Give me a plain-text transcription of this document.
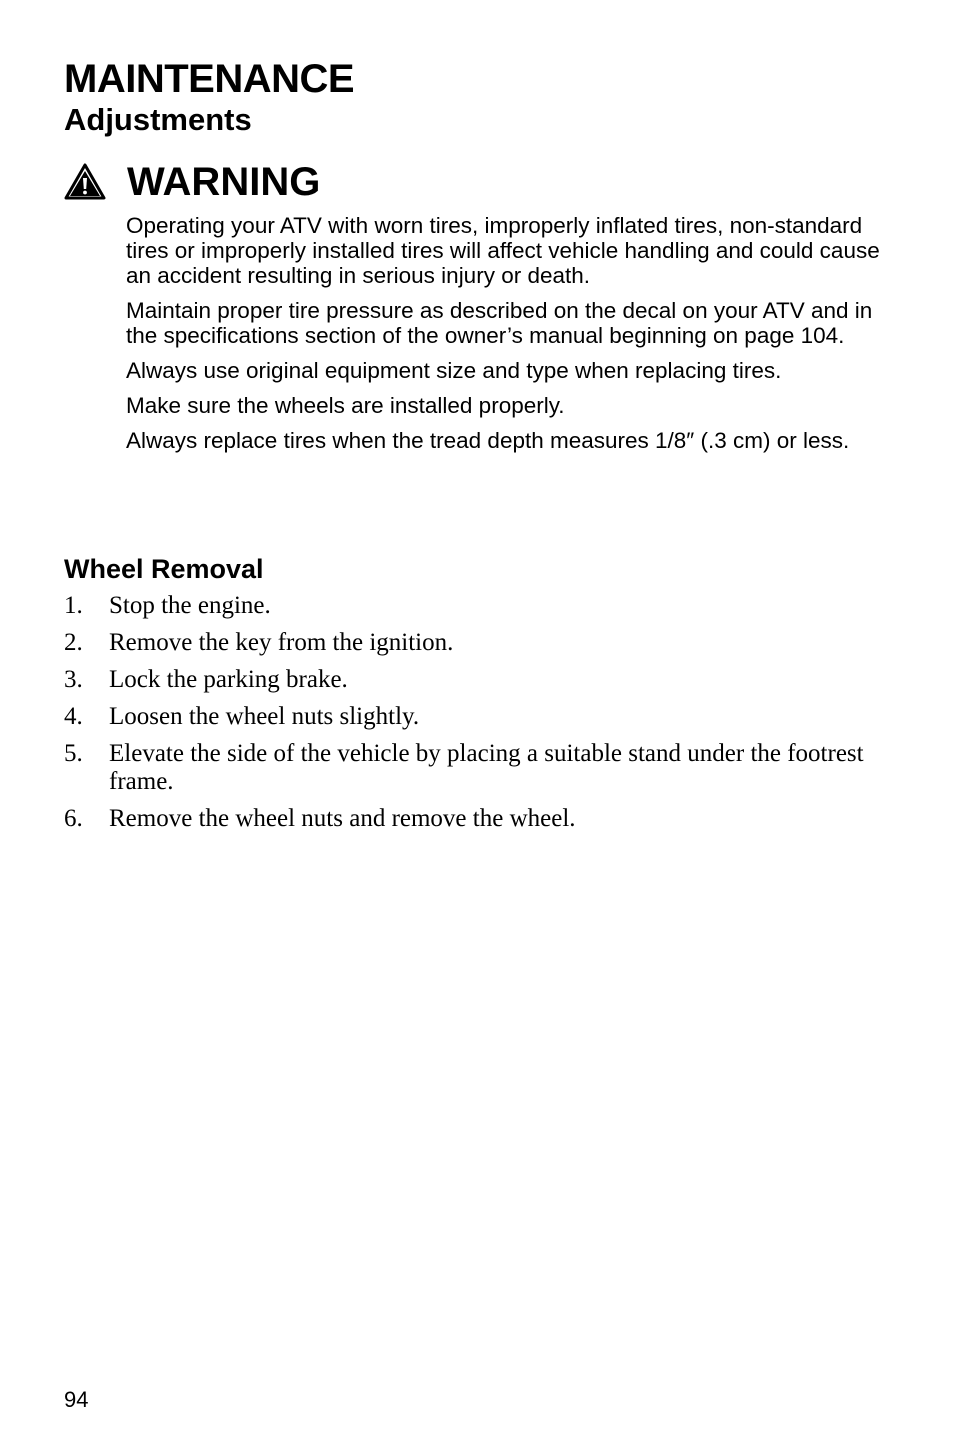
MAINTENANCE
Adjustments
WARNING

Operating your ATV with worn tires, improperly inflated tires, non-standard tires or improperly installed tires will affect vehicle handling and could cause an accident resulting in serious injury or death.

Maintain proper tire pressure as described on the decal on your ATV and in the specifications section of the owner’s manual beginning on page 104.

Always use original equipment size and type when replacing tires.

Make sure the wheels are installed properly.

Always replace tires when the tread depth measures 1/8″ (.3 cm) or less.

Wheel Removal
1.	Stop the engine.
2.	Remove the key from the ignition.
3.	Lock the parking brake.
4.	Loosen the wheel nuts slightly.
5.	Elevate the side of the vehicle by placing a suitable stand under the footrest frame.
6.	Remove the wheel nuts and remove the wheel.

94
